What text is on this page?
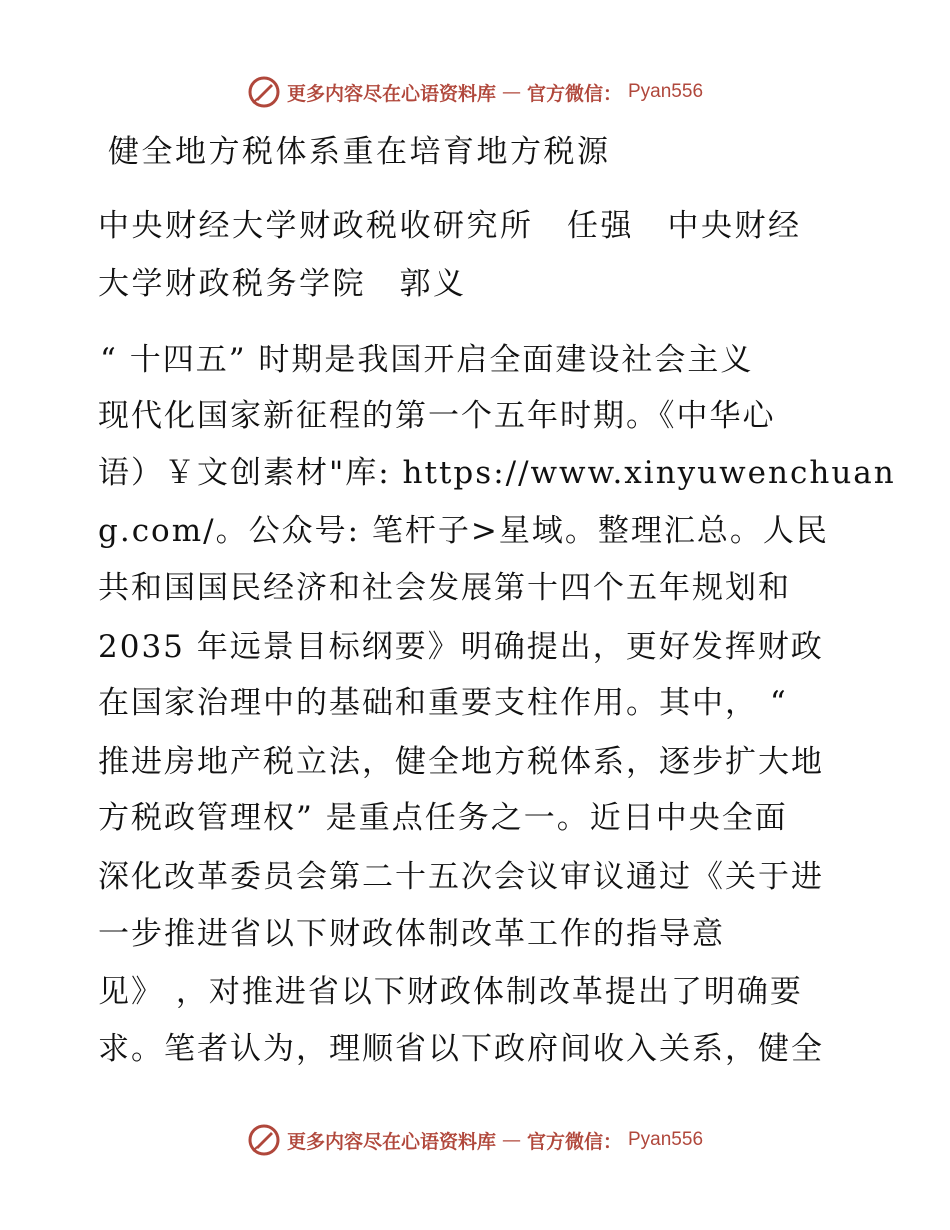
更多内容尽在心语资料库 — 官方微信： Pyan556
健全地方税体系重在培育地方税源
中央财经大学财政税收研究所　任强　中央财经
大学财政税务学院　郭义
“ 十四五” 时期是我国开启全面建设社会主义
现代化国家新征程的第一个五年时期。《中华心
语）￥文创素材"库: https://www.xinyuwenchuan
g.com/。公众号: 笔杆子>星域。整理汇总。人民
共和国国民经济和社会发展第十四个五年规划和
2035 年远景目标纲要》明确提出，更好发挥财政
在国家治理中的基础和重要支柱作用。其中， “
推进房地产税立法，健全地方税体系，逐步扩大地
方税政管理权” 是重点任务之一。近日中央全面
深化改革委员会第二十五次会议审议通过《关于进
一步推进省以下财政体制改革工作的指导意
见》 ，对推进省以下财政体制改革提出了明确要
求。笔者认为，理顺省以下政府间收入关系，健全
更多内容尽在心语资料库 — 官方微信： Pyan556
